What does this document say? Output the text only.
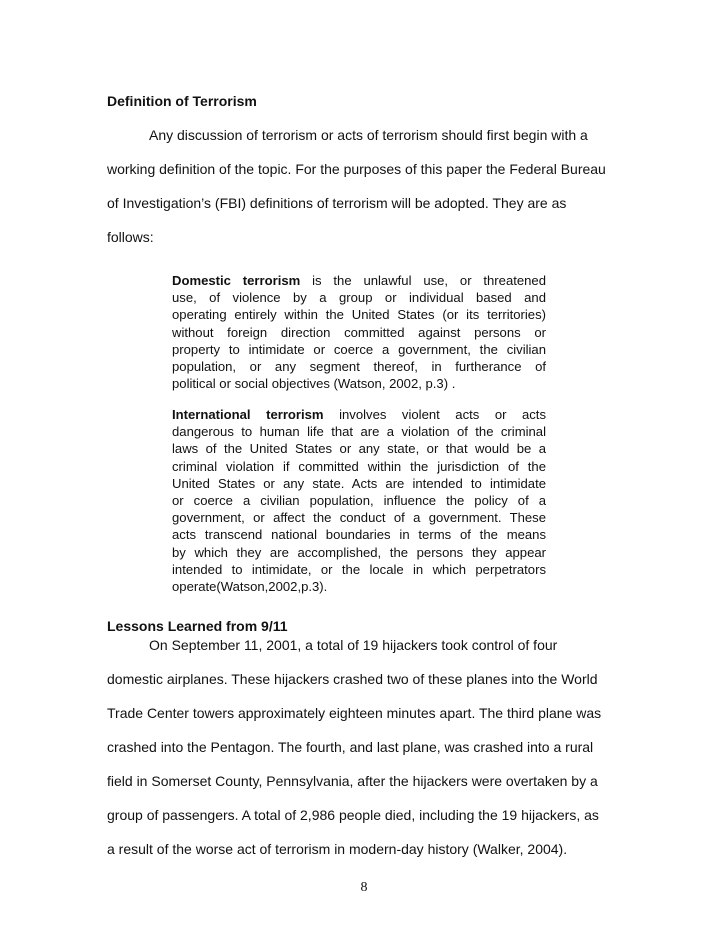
Definition of Terrorism
Any discussion of terrorism or acts of terrorism should first begin with a
working definition of the topic. For the purposes of this paper the Federal Bureau
of Investigation’s (FBI) definitions of terrorism will be adopted. They are as
follows:
Domestic terrorism is the unlawful use, or threatened
use, of violence by a group or individual based and
operating entirely within the United States (or its territories)
without foreign direction committed against persons or
property to intimidate or coerce a government, the civilian
population, or any segment thereof, in furtherance of
political or social objectives (Watson, 2002, p.3) .
International terrorism involves violent acts or acts
dangerous to human life that are a violation of the criminal
laws of the United States or any state, or that would be a
criminal violation if committed within the jurisdiction of the
United States or any state. Acts are intended to intimidate
or coerce a civilian population, influence the policy of a
government, or affect the conduct of a government. These
acts transcend national boundaries in terms of the means
by which they are accomplished, the persons they appear
intended to intimidate, or the locale in which perpetrators
operate(Watson,2002,p.3).
Lessons Learned from 9/11
On September 11, 2001, a total of 19 hijackers took control of four
domestic airplanes. These hijackers crashed two of these planes into the World
Trade Center towers approximately eighteen minutes apart. The third plane was
crashed into the Pentagon. The fourth, and last plane, was crashed into a rural
field in Somerset County, Pennsylvania, after the hijackers were overtaken by a
group of passengers. A total of 2,986 people died, including the 19 hijackers, as
a result of the worse act of terrorism in modern-day history (Walker, 2004).
8
